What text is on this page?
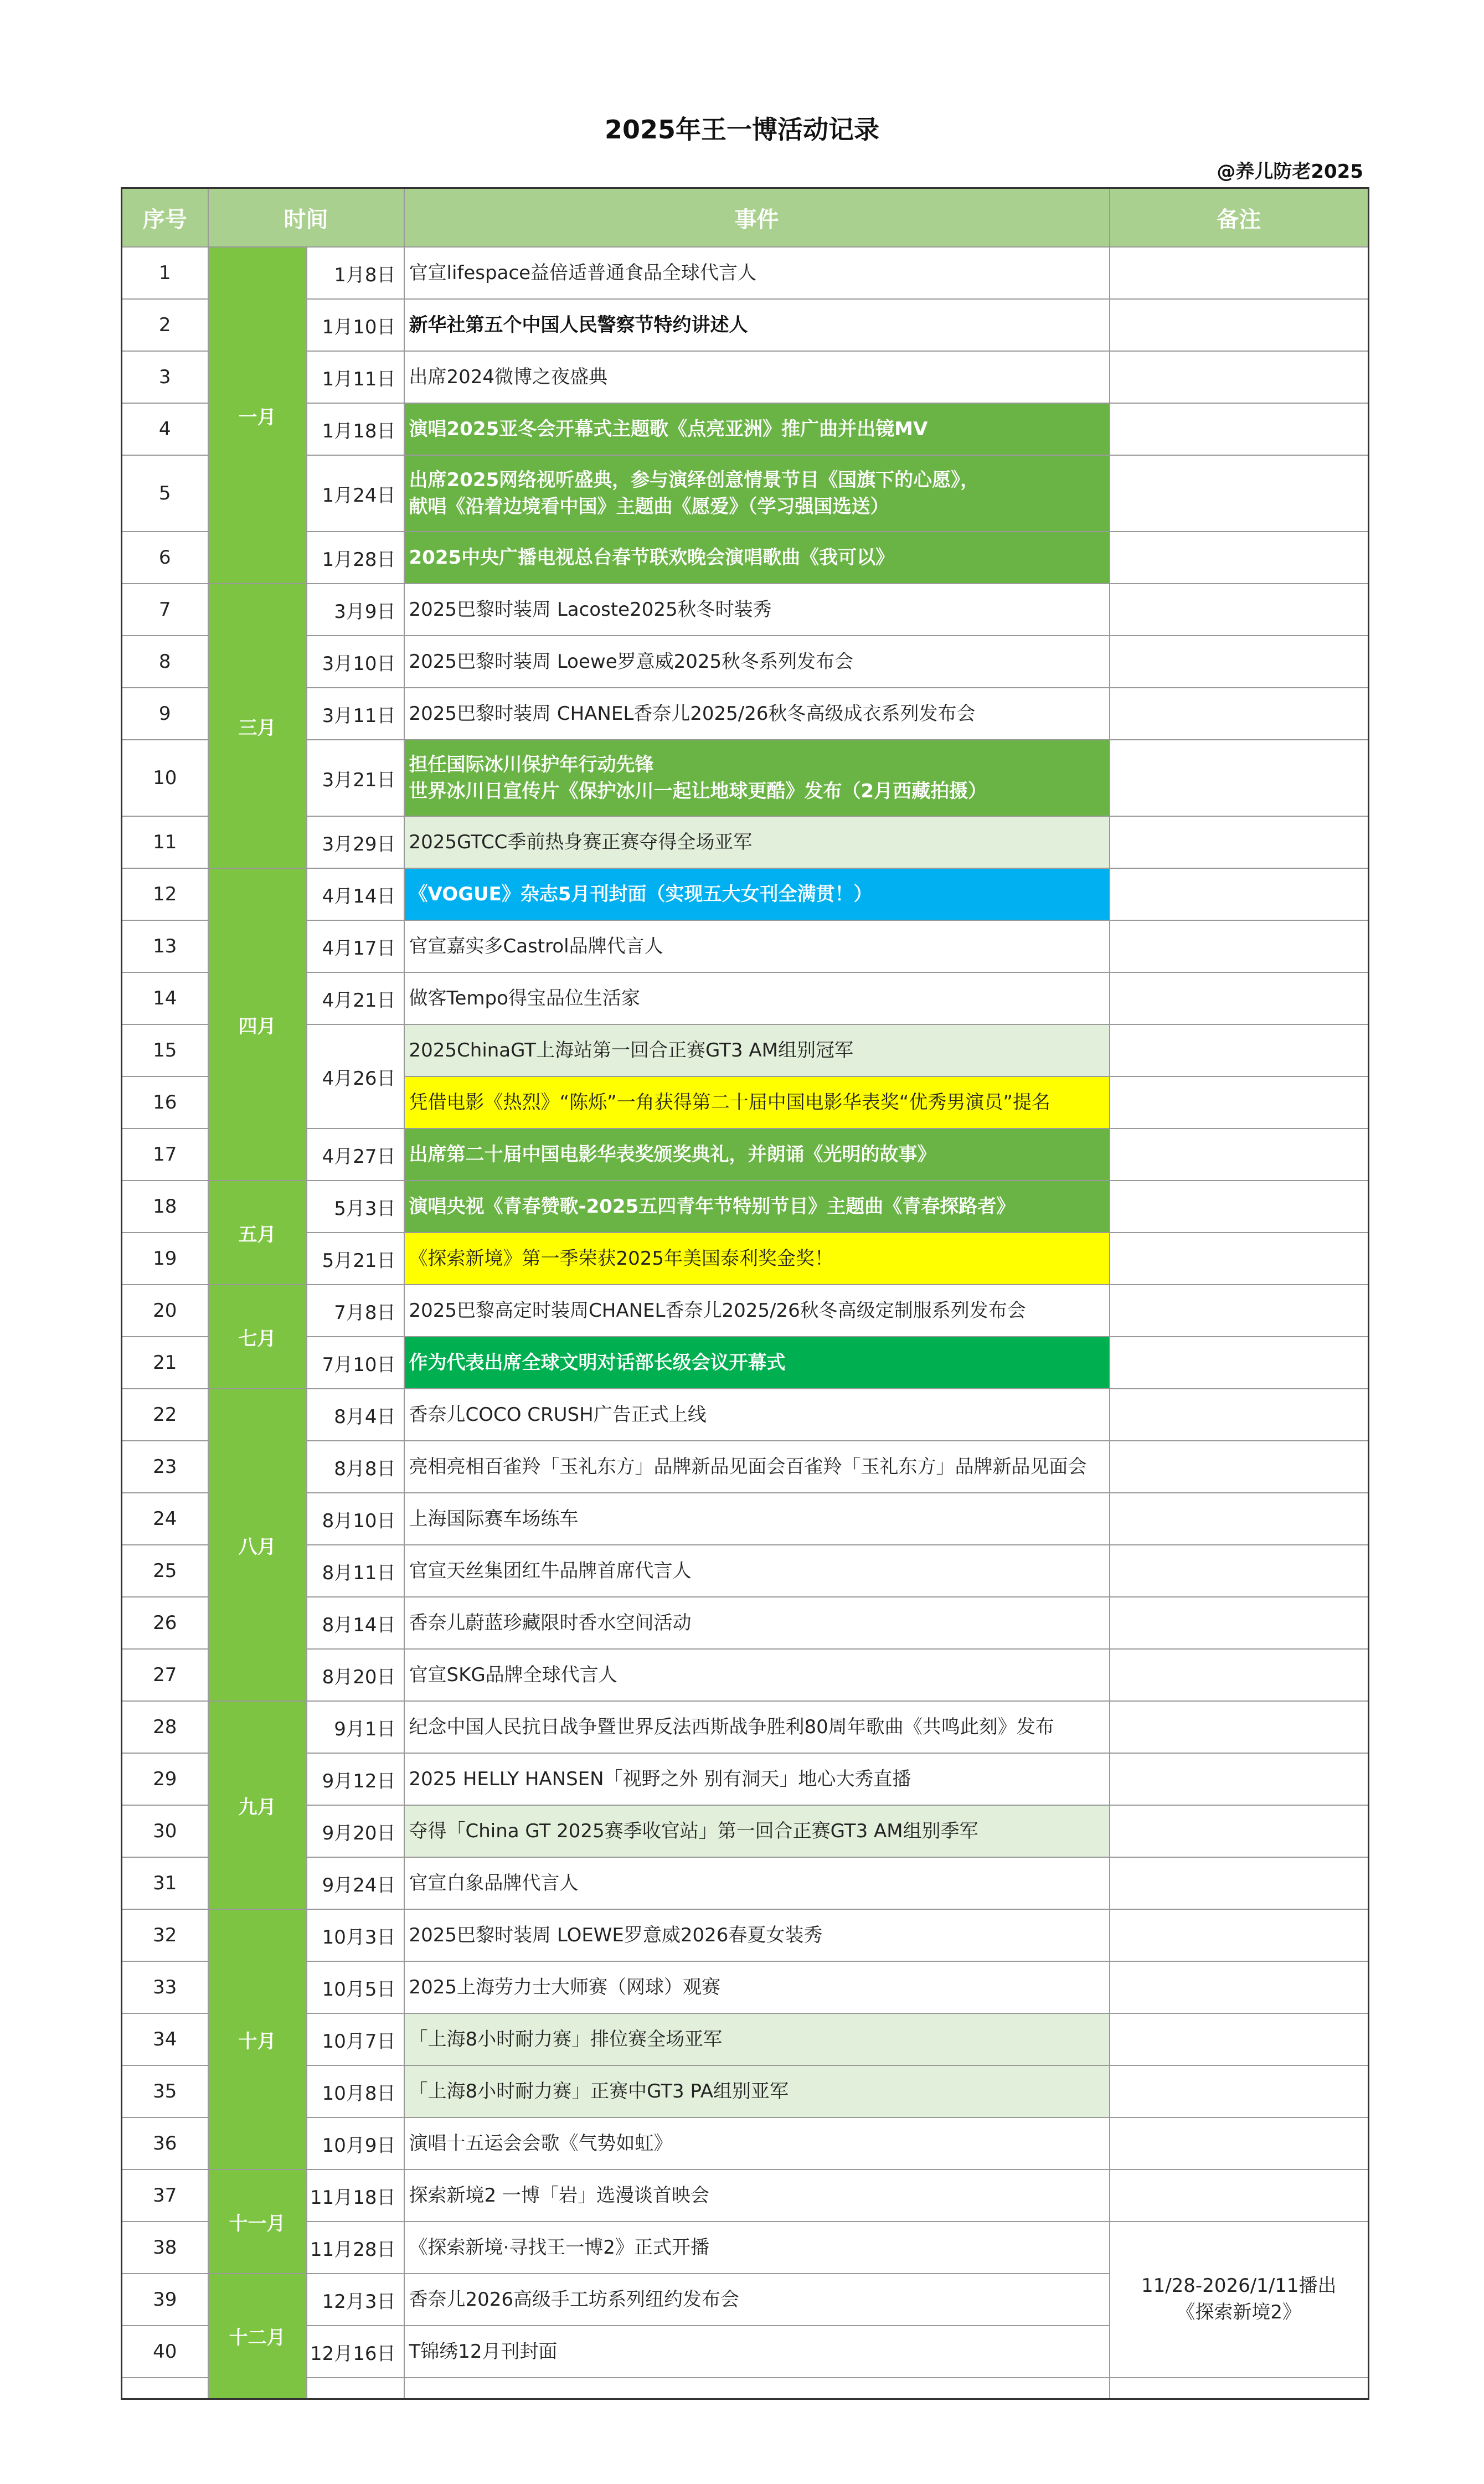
2025年王一博活动记录
@养儿防老2025
序号	时间		事件	备注
1	一月	1月8日	官宣lifespace益倍适普通食品全球代言人	
2		1月10日	新华社第五个中国人民警察节特约讲述人	
3		1月11日	出席2024微博之夜盛典	
4		1月18日	演唱2025亚冬会开幕式主题歌《点亮亚洲》推广曲并出镜MV	
5		1月24日	出席2025网络视听盛典，参与演绎创意情景节目《国旗下的心愿》，
献唱《沿着边境看中国》主题曲《愿爱》（学习强国选送）	

6		1月28日	2025中央广播电视总台春节联欢晚会演唱歌曲《我可以》	
7	三月	3月9日	2025巴黎时装周 Lacoste2025秋冬时装秀	
8		3月10日	2025巴黎时装周 Loewe罗意威2025秋冬系列发布会	
9		3月11日	2025巴黎时装周 CHANEL香奈儿2025/26秋冬高级成衣系列发布会	
10		3月21日	担任国际冰川保护年行动先锋
世界冰川日宣传片《保护冰川一起让地球更酷》发布（2月西藏拍摄）	

11		3月29日	2025GTCC季前热身赛正赛夺得全场亚军	
12	四月	4月14日	《VOGUE》杂志5月刊封面（实现五大女刊全满贯！）	
13		4月17日	官宣嘉实多Castrol品牌代言人	
14		4月21日	做客Tempo得宝品位生活家	
15		4月26日	2025ChinaGT上海站第一回合正赛GT3 AM组别冠军	
16			凭借电影《热烈》“陈烁”一角获得第二十届中国电影华表奖“优秀男演员”提名	
17		4月27日	出席第二十届中国电影华表奖颁奖典礼，并朗诵《光明的故事》	
18	五月	5月3日	演唱央视《青春赞歌-2025五四青年节特别节目》主题曲《青春探路者》	
19		5月21日	《探索新境》第一季荣获2025年美国泰利奖金奖！	
20	七月	7月8日	2025巴黎高定时装周CHANEL香奈儿2025/26秋冬高级定制服系列发布会	
21		7月10日	作为代表出席全球文明对话部长级会议开幕式	
22	八月	8月4日	香奈儿COCO CRUSH广告正式上线	
23		8月8日	亮相亮相百雀羚「玉礼东方」品牌新品见面会百雀羚「玉礼东方」品牌新品见面会	
24		8月10日	上海国际赛车场练车	
25		8月11日	官宣天丝集团红牛品牌首席代言人	
26		8月14日	香奈儿蔚蓝珍藏限时香水空间活动	
27		8月20日	官宣SKG品牌全球代言人	
28	九月	9月1日	纪念中国人民抗日战争暨世界反法西斯战争胜利80周年歌曲《共鸣此刻》发布	
29		9月12日	2025 HELLY HANSEN「视野之外 别有洞天」地心大秀直播	
30		9月20日	夺得「China GT 2025赛季收官站」第一回合正赛GT3 AM组别季军	
31		9月24日	官宣白象品牌代言人	
32	十月	10月3日	2025巴黎时装周 LOEWE罗意威2026春夏女装秀	
33		10月5日	2025上海劳力士大师赛（网球）观赛	
34		10月7日	「上海8小时耐力赛」排位赛全场亚军	
35		10月8日	「上海8小时耐力赛」正赛中GT3 PA组别亚军	
36		10月9日	演唱十五运会会歌《气势如虹》	
37	十一月	11月18日	探索新境2 一博「岩」选漫谈首映会	
38		11月28日	《探索新境·寻找王一博2》正式开播	11/28-2026/1/11播出
《探索新境2》

39	十二月	12月3日	香奈儿2026高级手工坊系列纽约发布会	
40		12月16日	T锦绣12月刊封面	
